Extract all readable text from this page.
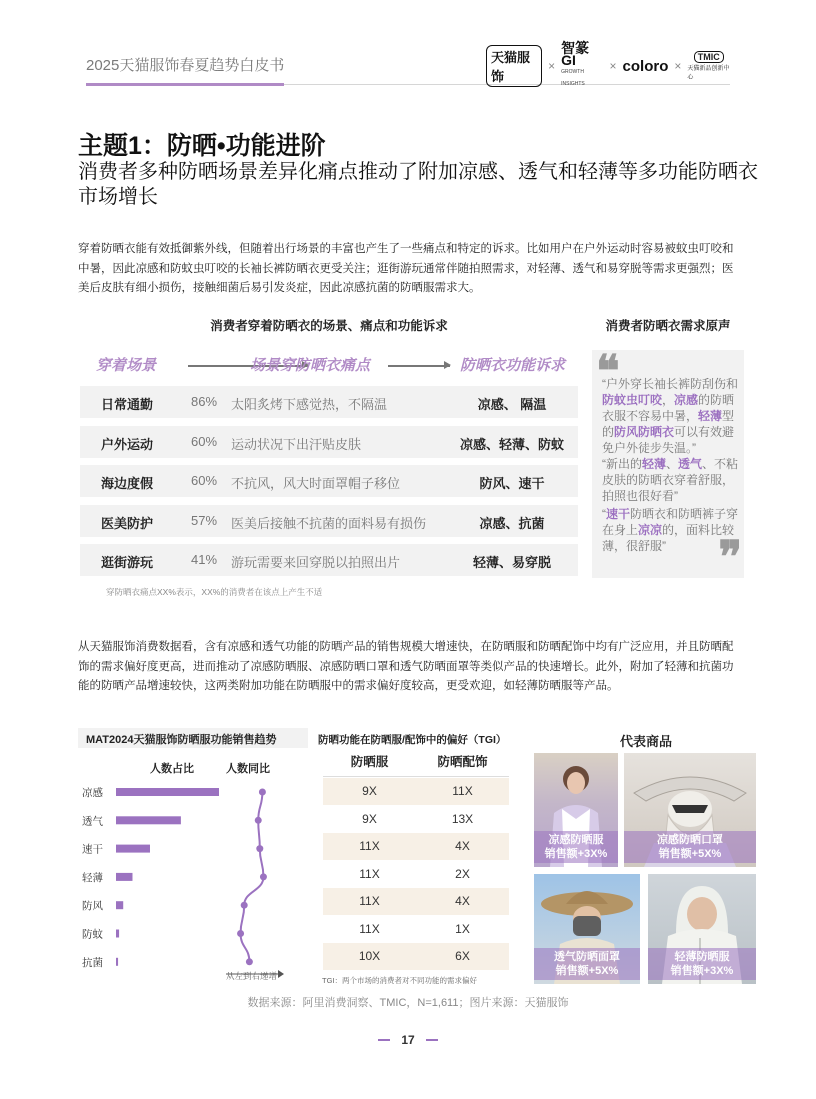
2025天猫服饰春夏趋势白皮书	天猫服饰
×
智篆GI
GROWTH INSIGHTS
× coloro ×
TMIC
天猫新品创新中心
主题1：防晒•功能进阶
消费者多种防晒场景差异化痛点推动了附加凉感、透气和轻薄等多功能防晒衣市场增长
穿着防晒衣能有效抵御紫外线，但随着出行场景的丰富也产生了一些痛点和特定的诉求。比如用户在户外运动时容易被蚊虫叮咬和中暑，因此凉感和防蚊虫叮咬的长袖长裤防晒衣更受关注；逛街游玩通常伴随拍照需求，对轻薄、透气和易穿脱等需求更强烈；医美后皮肤有细小损伤，接触细菌后易引发炎症，因此凉感抗菌的防晒服需求大。
消费者穿着防晒衣的场景、痛点和功能诉求
穿着场景	场景穿防晒衣痛点	防晒衣功能诉求
日常通勤	86% 太阳炙烤下感觉热，不隔温	凉感、 隔温
户外运动	60% 运动状况下出汗贴皮肤	凉感、轻薄、防蚊
海边度假	60% 不抗风，风大时面罩帽子移位	防风、速干
医美防护	57% 医美后接触不抗菌的面料易有损伤	凉感、抗菌
逛街游玩	41% 游玩需要来回穿脱以拍照出片	轻薄、易穿脱
穿防晒衣痛点XX%表示，XX%的消费者在该点上产生不适
消费者防晒衣需求原声
❝
“户外穿长袖长裤防刮伤和防蚊虫叮咬，凉感的防晒衣服不容易中暑，轻薄型的防风防晒衣可以有效避免户外徒步失温。”
“新出的轻薄、透气、不粘皮肤的防晒衣穿着舒服，拍照也很好看”
“速干防晒衣和防晒裤子穿在身上凉凉的，面料比较薄，很舒服”	❞
从天猫服饰消费数据看，含有凉感和透气功能的防晒产品的销售规模大增速快，在防晒服和防晒配饰中均有广泛应用，并且防晒配饰的需求偏好度更高，进而推动了凉感防晒服、凉感防晒口罩和透气防晒面罩等类似产品的快速增长。此外，附加了轻薄和抗菌功能的防晒产品增速较快，这两类附加功能在防晒服中的需求偏好度较高，更受欢迎，如轻薄防晒服等产品。
MAT2024天猫服饰防晒服功能销售趋势
人数占比	人数同比
凉感
透气
速干
轻薄
防风
防蚊
抗菌
从左到右递增
防晒功能在防晒服/配饰中的偏好（TGI）
防晒服	防晒配饰
9X	11X
9X	13X
11X	4X
11X	2X
11X	4X
11X	1X
10X	6X
TGI：两个市场的消费者对不同功能的需求偏好
代表商品
凉感防晒服
销售额+3X%
凉感防晒口罩
销售额+5X%
透气防晒面罩
销售额+5X%
轻薄防晒服
销售额+3X%
数据来源：阿里消费洞察、TMIC，N=1,611；图片来源：天猫服饰
17
